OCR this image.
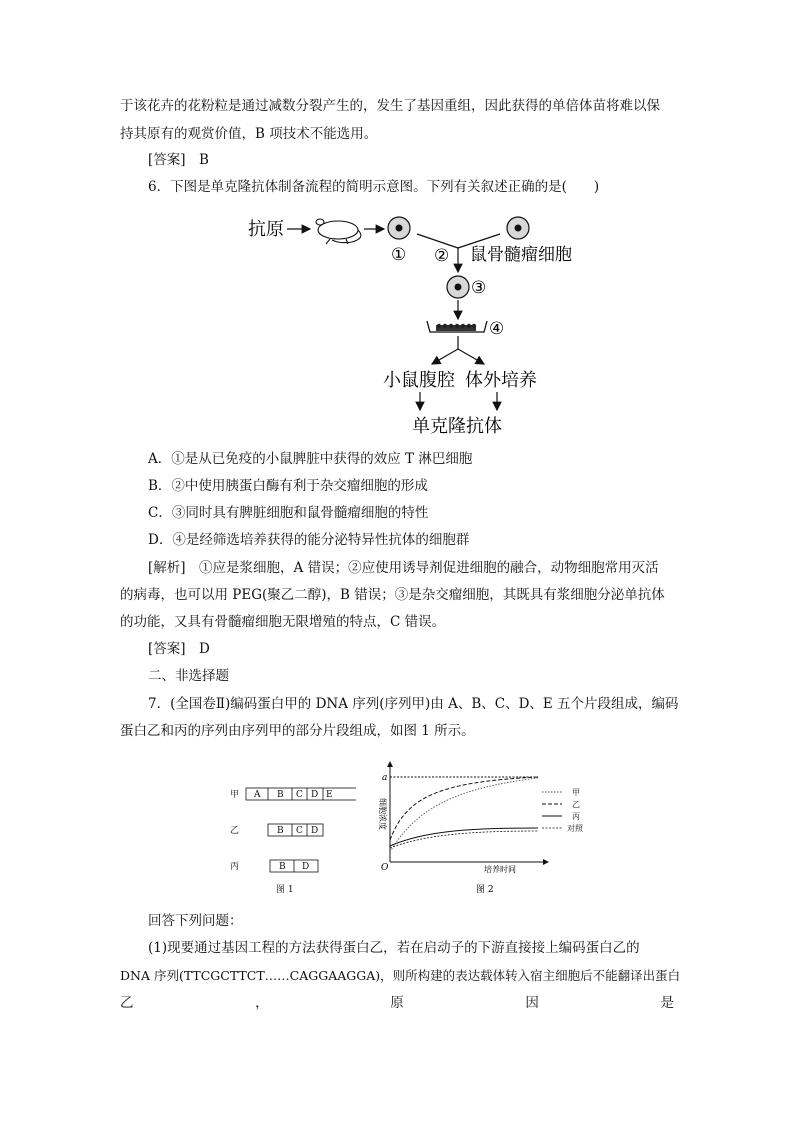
于该花卉的花粉粒是通过减数分裂产生的，发生了基因重组，因此获得的单倍体苗将难以保
持其原有的观赏价值，B 项技术不能选用。
[答案]　B
6．下图是单克隆抗体制备流程的简明示意图。下列有关叙述正确的是(　　)
抗原
①	鼠骨髓瘤细胞
②
③
④
小鼠腹腔 体外培养
单克隆抗体
A．①是从已免疫的小鼠脾脏中获得的效应 T 淋巴细胞
B．②中使用胰蛋白酶有利于杂交瘤细胞的形成
C．③同时具有脾脏细胞和鼠骨髓瘤细胞的特性
D．④是经筛选培养获得的能分泌特异性抗体的细胞群
[解析]　①应是浆细胞，A 错误；②应使用诱导剂促进细胞的融合，动物细胞常用灭活
的病毒，也可以用 PEG(聚乙二醇)，B 错误；③是杂交瘤细胞，其既具有浆细胞分泌单抗体
的功能，又具有骨髓瘤细胞无限增殖的特点，C 错误。
[答案]　D
二、非选择题
7．(全国卷Ⅱ)编码蛋白甲的 DNA 序列(序列甲)由 A、B、C、D、E 五个片段组成，编码
蛋白乙和丙的序列由序列甲的部分片段组成，如图 1 所示。
甲 A B C D E
乙	B C D
丙	B D
图 1
a
O
细胞浓度
培养时间
甲
乙
丙
对照
图 2
回答下列问题：
(1)现要通过基因工程的方法获得蛋白乙，若在启动子的下游直接接上编码蛋白乙的
DNA 序列(TTCGCTTCT……CAGGAAGGA)，则所构建的表达载体转入宿主细胞后不能翻译出蛋白
乙	，	原	因	是
